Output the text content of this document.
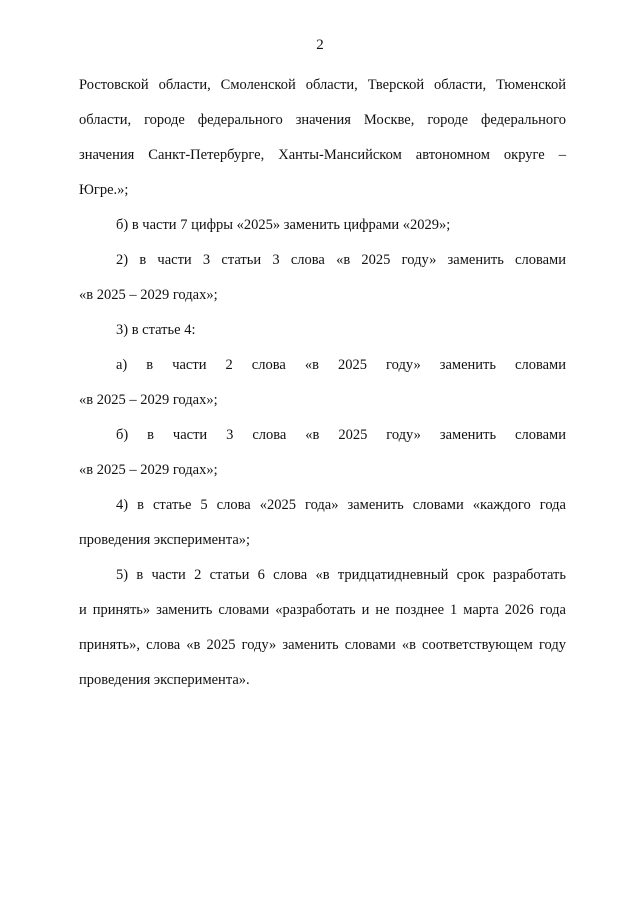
2
Ростовской области, Смоленской области, Тверской области, Тюменской
области, городе федерального значения Москве, городе федерального
значения Санкт-Петербурге, Ханты-Мансийском автономном округе –
Югре.»;
б) в части 7 цифры «2025» заменить цифрами «2029»;
2) в части 3 статьи 3 слова «в 2025 году» заменить словами
«в 2025 – 2029 годах»;
3) в статье 4:
а) в части 2 слова «в 2025 году» заменить словами
«в 2025 – 2029 годах»;
б) в части 3 слова «в 2025 году» заменить словами
«в 2025 – 2029 годах»;
4) в статье 5 слова «2025 года» заменить словами «каждого года
проведения эксперимента»;
5) в части 2 статьи 6 слова «в тридцатидневный срок разработать
и принять» заменить словами «разработать и не позднее 1 марта 2026 года
принять», слова «в 2025 году» заменить словами «в соответствующем году
проведения эксперимента».
